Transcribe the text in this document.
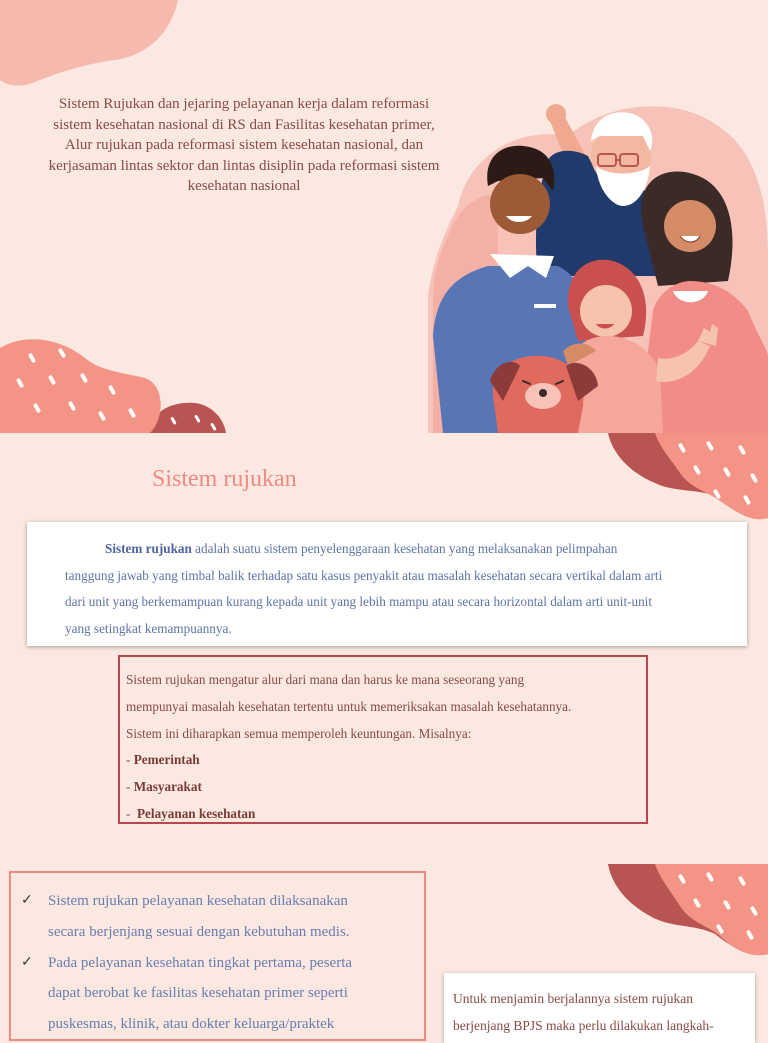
Sistem Rujukan dan jejaring pelayanan kerja dalam reformasi
sistem kesehatan nasional di RS dan Fasilitas kesehatan primer,
Alur rujukan pada reformasi sistem kesehatan nasional, dan
kerjasaman lintas sektor dan lintas disiplin pada reformasi sistem
kesehatan nasional
Sistem rujukan
Sistem rujukan adalah suatu sistem penyelenggaraan kesehatan yang melaksanakan pelimpahan
tanggung jawab yang timbal balik terhadap satu kasus penyakit atau masalah kesehatan secara vertikal dalam arti
dari unit yang berkemampuan kurang kepada unit yang lebih mampu atau secara horizontal dalam arti unit-unit
yang setingkat kemampuannya.
Sistem rujukan mengatur alur dari mana dan harus ke mana seseorang yang
mempunyai masalah kesehatan tertentu untuk memeriksakan masalah kesehatannya.
Sistem ini diharapkan semua memperoleh keuntungan. Misalnya:
- Pemerintah
- Masyarakat
-  Pelayanan kesehatan
✓ Sistem rujukan pelayanan kesehatan dilaksanakan
secara berjenjang sesuai dengan kebutuhan medis.
✓ Pada pelayanan kesehatan tingkat pertama, peserta
dapat berobat ke fasilitas kesehatan primer seperti
puskesmas, klinik, atau dokter keluarga/praktek
Untuk menjamin berjalannya sistem rujukan
berjenjang BPJS maka perlu dilakukan langkah-
